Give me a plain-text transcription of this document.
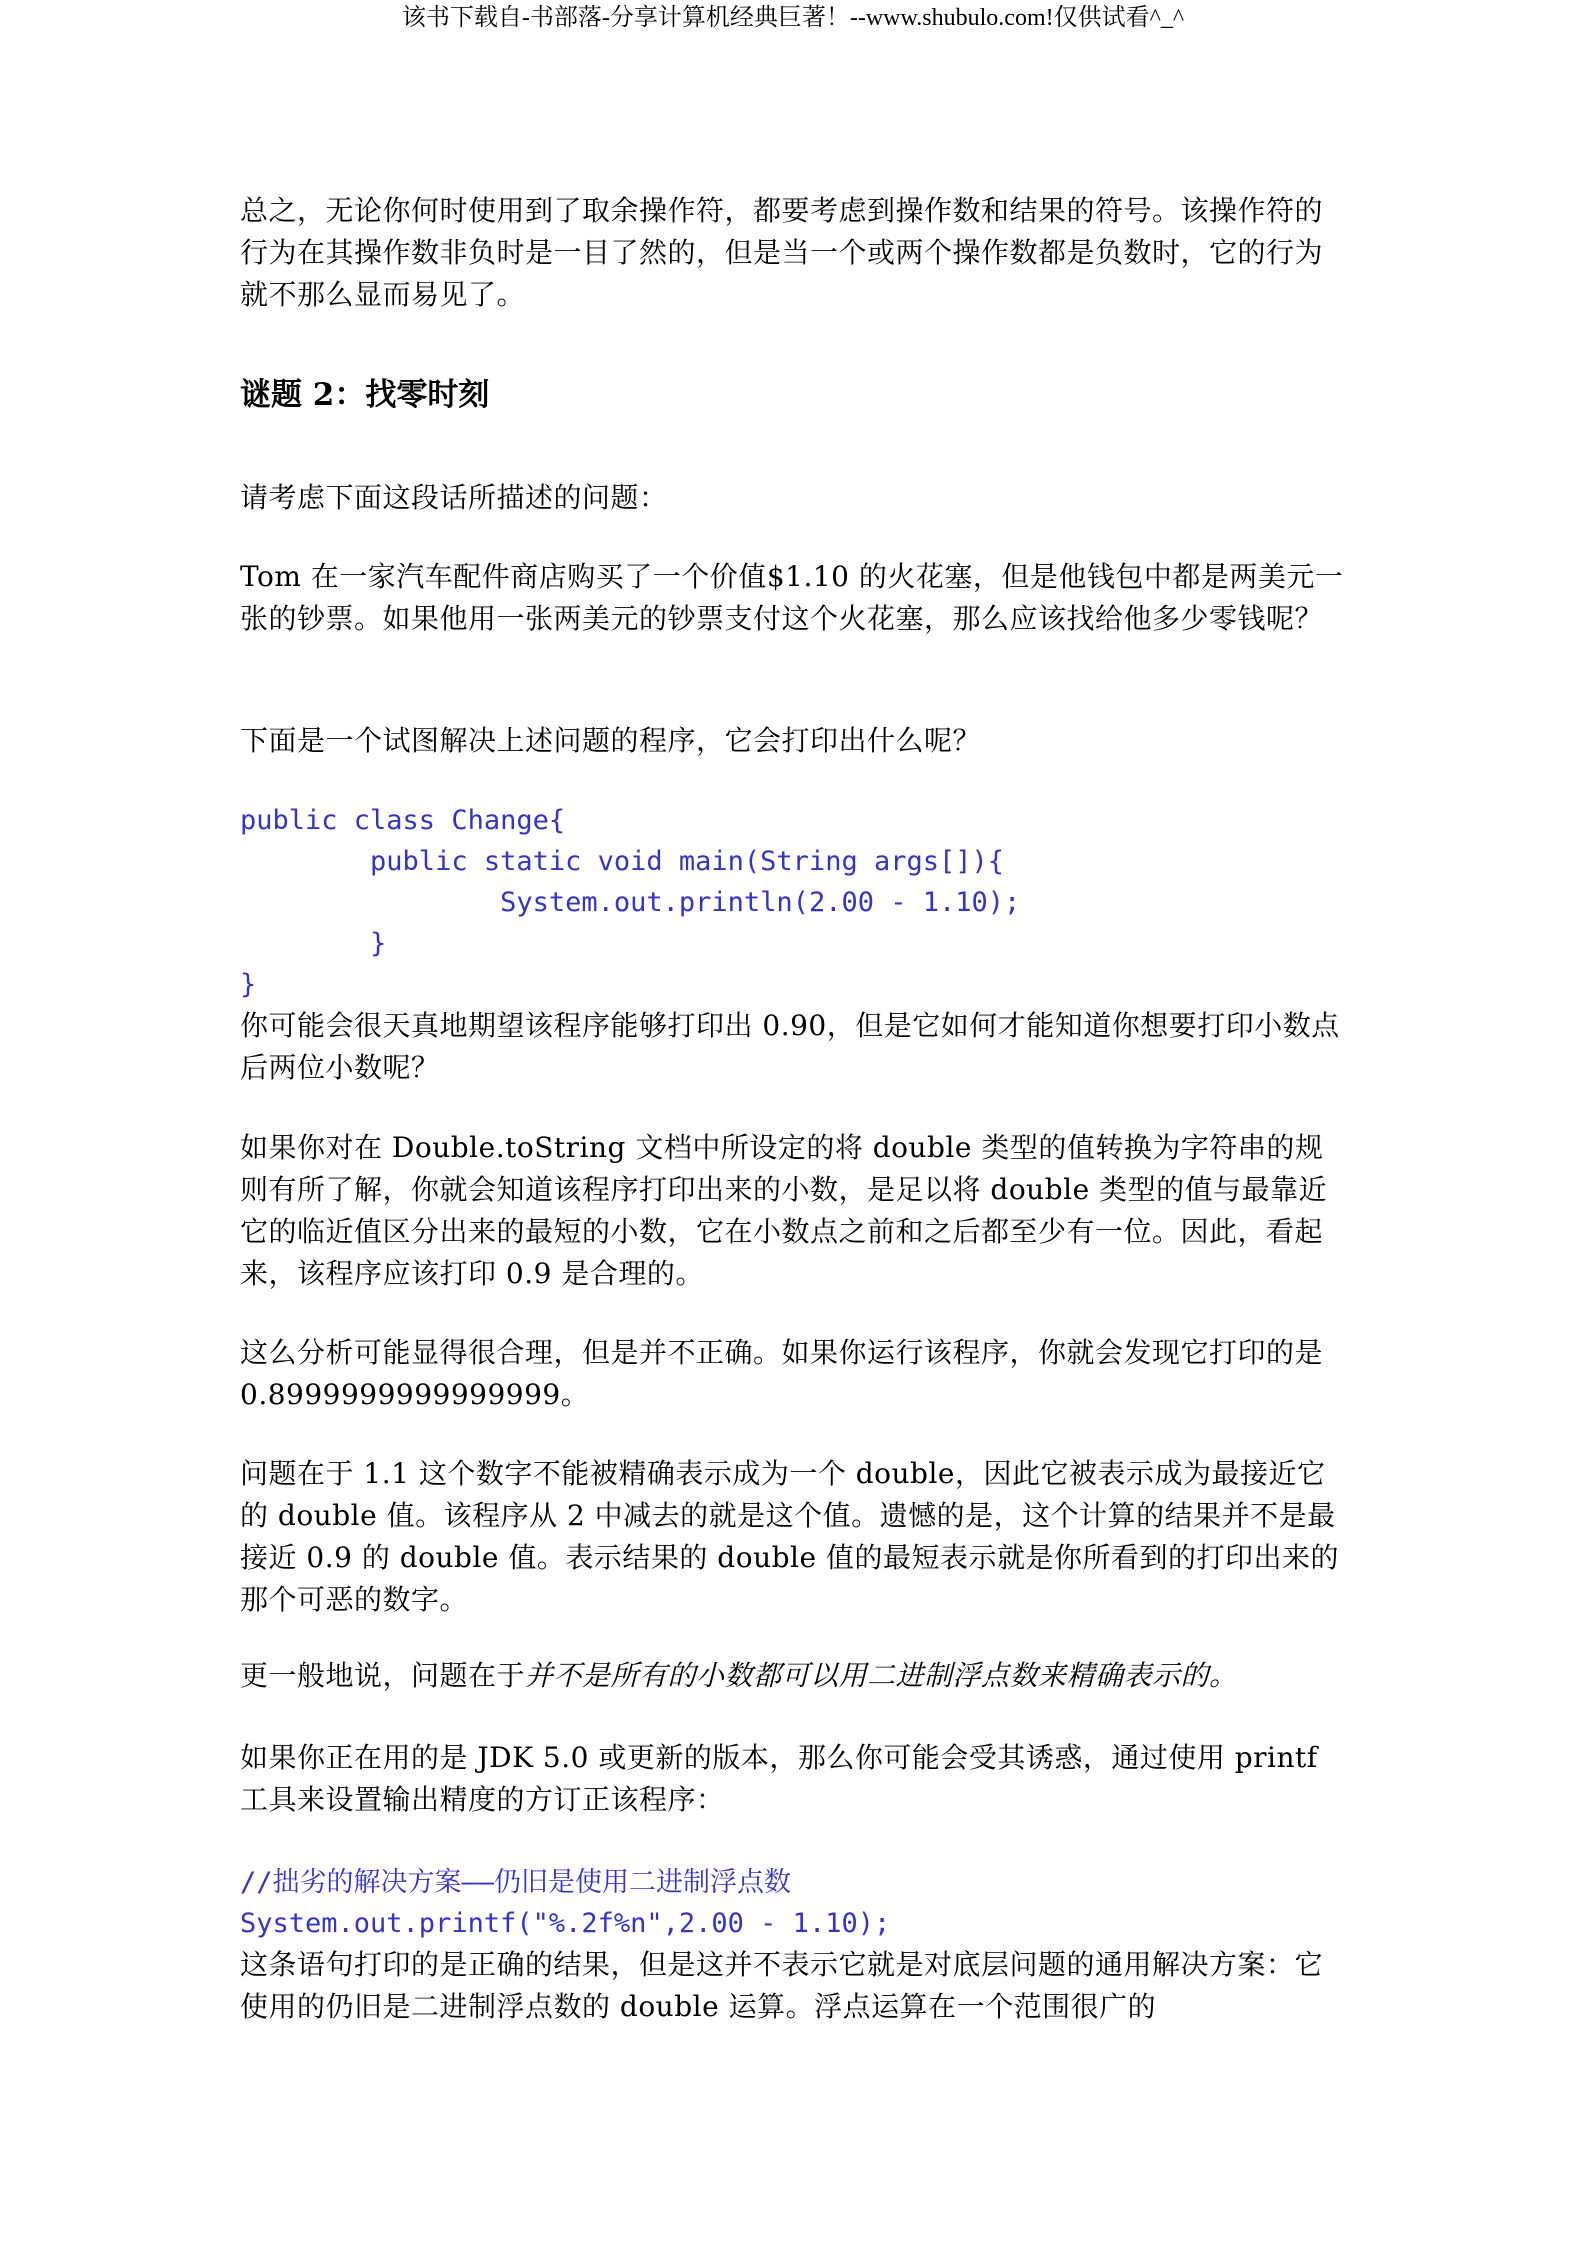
该书下载自-书部落-分享计算机经典巨著！--www.shubulo.com!仅供试看^_^

总之，无论你何时使用到了取余操作符，都要考虑到操作数和结果的符号。该操作符的行为在其操作数非负时是一目了然的，但是当一个或两个操作数都是负数时，它的行为就不那么显而易见了。

谜题 2：找零时刻

请考虑下面这段话所描述的问题：

Tom 在一家汽车配件商店购买了一个价值$1.10 的火花塞，但是他钱包中都是两美元一张的钞票。如果他用一张两美元的钞票支付这个火花塞，那么应该找给他多少零钱呢？

下面是一个试图解决上述问题的程序，它会打印出什么呢？

public class Change{
public static void main(String args[]){
System.out.println(2.00 - 1.10);
}
}

你可能会很天真地期望该程序能够打印出 0.90，但是它如何才能知道你想要打印小数点后两位小数呢？

如果你对在 Double.toString 文档中所设定的将 double 类型的值转换为字符串的规则有所了解，你就会知道该程序打印出来的小数，是足以将 double 类型的值与最靠近它的临近值区分出来的最短的小数，它在小数点之前和之后都至少有一位。因此，看起来，该程序应该打印 0.9 是合理的。

这么分析可能显得很合理，但是并不正确。如果你运行该程序，你就会发现它打印的是 0.8999999999999999。

问题在于 1.1 这个数字不能被精确表示成为一个 double，因此它被表示成为最接近它的 double 值。该程序从 2 中减去的就是这个值。遗憾的是，这个计算的结果并不是最接近 0.9 的 double 值。表示结果的 double 值的最短表示就是你所看到的打印出来的那个可恶的数字。

更一般地说，问题在于并不是所有的小数都可以用二进制浮点数来精确表示的。

如果你正在用的是 JDK 5.0 或更新的版本，那么你可能会受其诱惑，通过使用 printf 工具来设置输出精度的方订正该程序：

//拙劣的解决方案——仍旧是使用二进制浮点数
System.out.printf("%.2f%n",2.00 - 1.10);

这条语句打印的是正确的结果，但是这并不表示它就是对底层问题的通用解决方案：它使用的仍旧是二进制浮点数的 double 运算。浮点运算在一个范围很广的
